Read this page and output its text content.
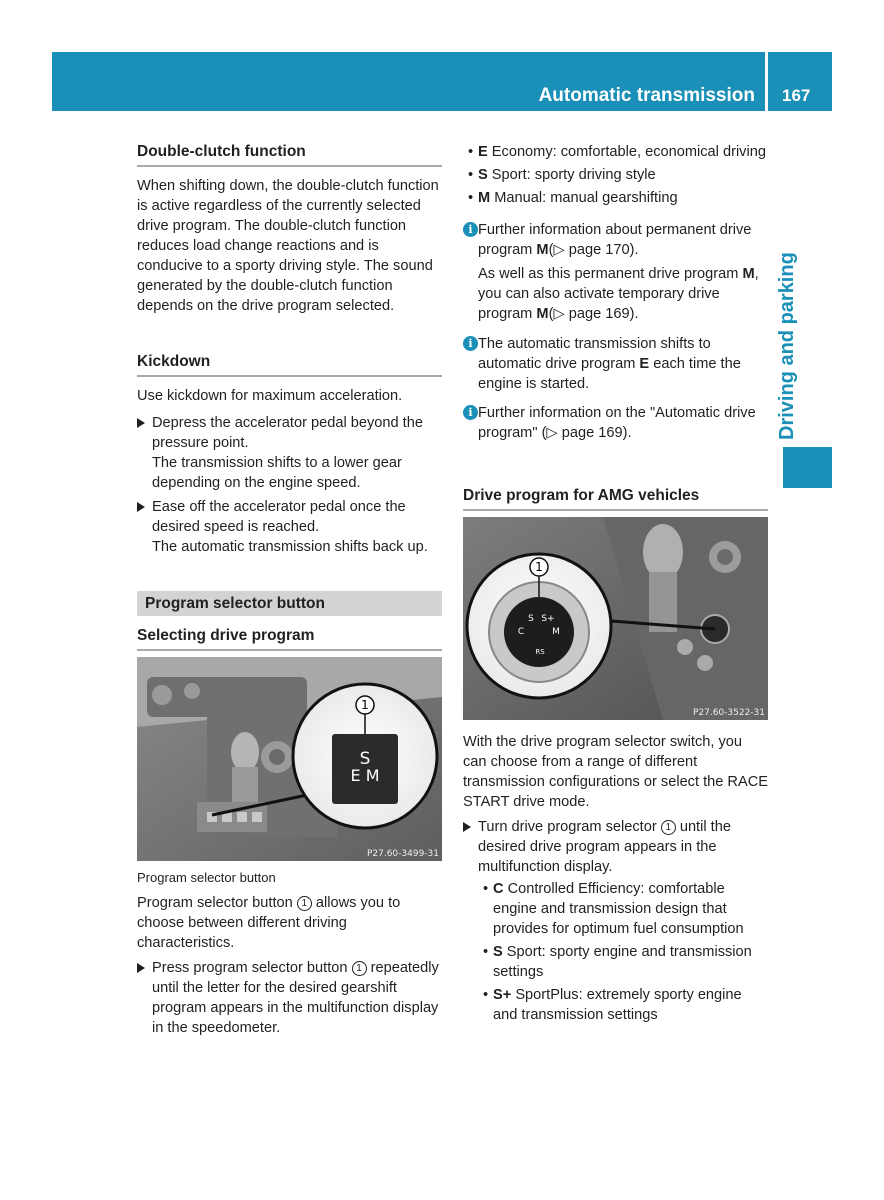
Automatic transmission 167
Driving and parking
Double-clutch function

When shifting down, the double-clutch function is active regardless of the currently selected drive program. The double-clutch function reduces load change reactions and is conducive to a sporty driving style. The sound generated by the double-clutch function depends on the drive program selected.

Kickdown

Use kickdown for maximum acceleration.

Depress the accelerator pedal beyond the pressure point.
The transmission shifts to a lower gear depending on the engine speed.
Ease off the accelerator pedal once the desired speed is reached.
The automatic transmission shifts back up.
Program selector button
Selecting drive program
S
E M
1
P27.60-3499-31

Program selector button

Program selector button 1 allows you to choose between different driving characteristics.

Press program selector button 1 repeatedly until the letter for the desired gearshift program appears in the multifunction display in the speedometer.
• E Economy: comfortable, economical driving
• S Sport: sporty driving style
• M Manual: manual gearshifting
i Further information about permanent drive program M(▷ page 170).

As well as this permanent drive program M, you can also activate temporary drive program M(▷ page 169).

i The automatic transmission shifts to automatic drive program E each time the engine is started.

i Further information on the "Automatic drive program" (▷ page 169).

Drive program for AMG vehicles
S S+
C	M
RS
1
P27.60-3522-31

With the drive program selector switch, you can choose from a range of different transmission configurations or select the RACE START drive mode.

Turn drive program selector 1 until the desired drive program appears in the multifunction display.
• C Controlled Efficiency: comfortable engine and transmission design that provides for optimum fuel consumption
• S Sport: sporty engine and transmission settings
• S+ SportPlus: extremely sporty engine and transmission settings
